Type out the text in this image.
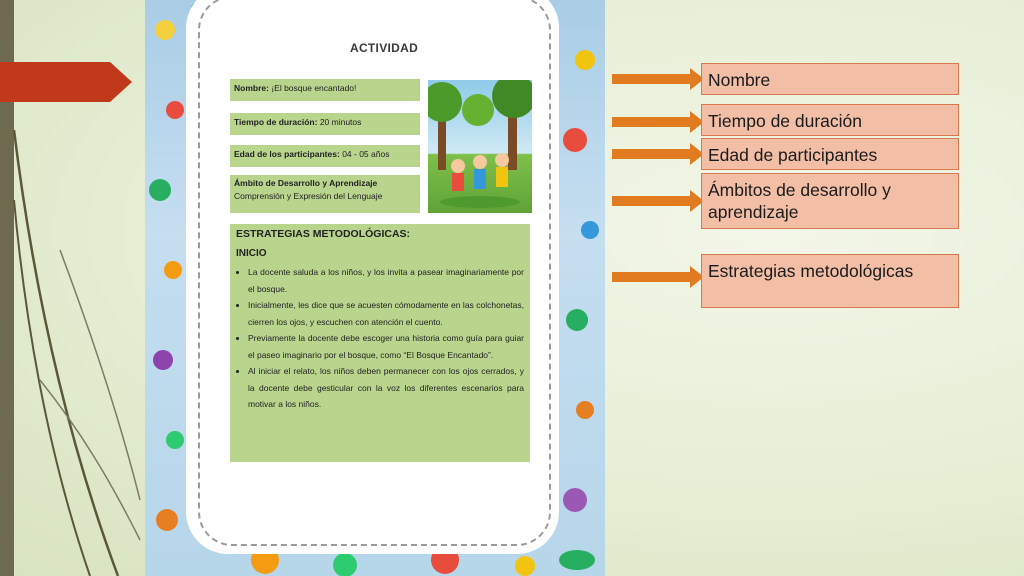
ACTIVIDAD
Nombre: ¡El bosque encantado!
Tiempo de duración: 20 minutos
Edad de los participantes: 04 - 05 años
Ámbito de Desarrollo y Aprendizaje
Comprensión y Expresión del Lenguaje
ESTRATEGIAS METODOLÓGICAS:
INICIO
• La docente saluda a los niños, y los invita a pasear imaginariamente por el bosque.
• Inicialmente, les dice que se acuesten cómodamente en las colchonetas, cierren los ojos, y escuchen con atención el cuento.
• Previamente la docente debe escoger una historia como guía para guiar el paseo imaginario por el bosque, como “El Bosque Encantado”.
• Al iniciar el relato, los niños deben permanecer con los ojos cerrados, y la docente debe gesticular con la voz los diferentes escenarios para motivar a los niños.
Nombre
Tiempo de duración
Edad de participantes
Ámbitos de desarrollo y aprendizaje
Estrategias metodológicas
